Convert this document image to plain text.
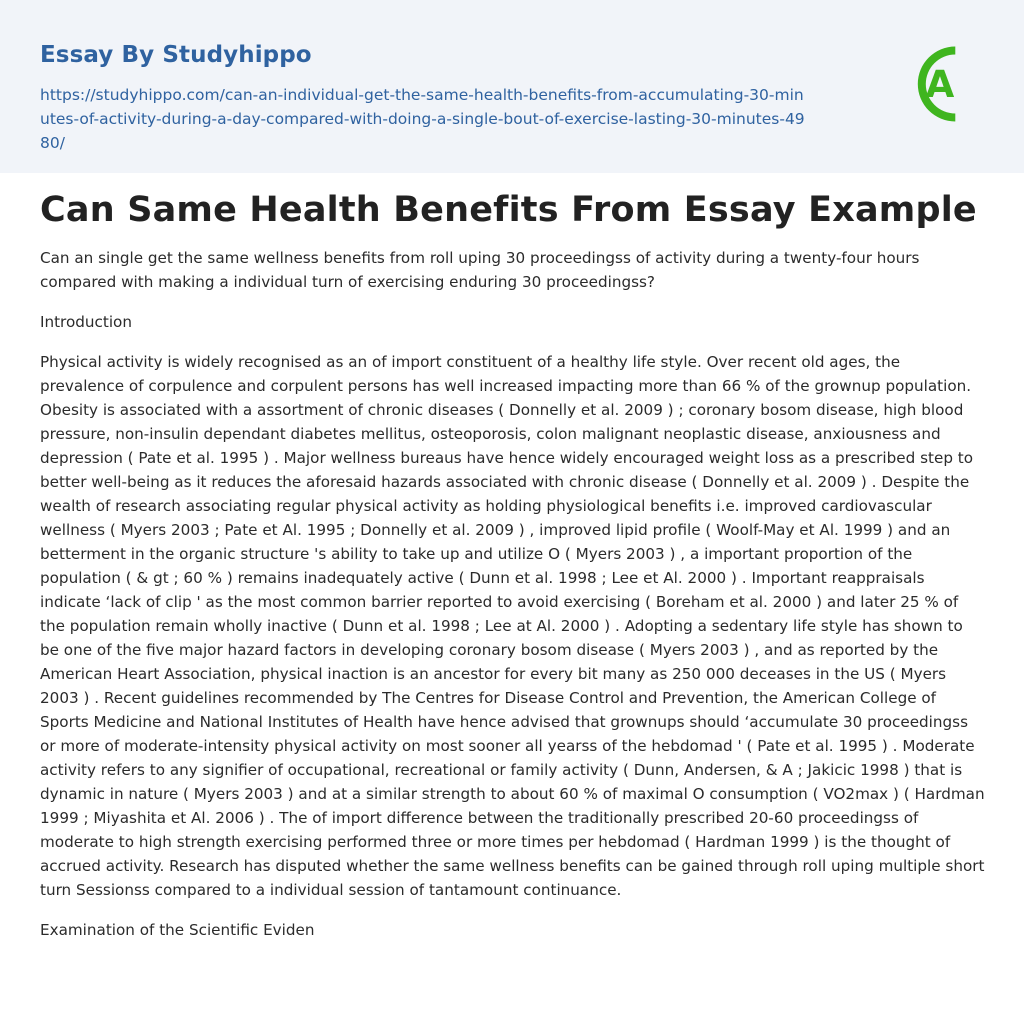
Essay By Studyhippo
https://studyhippo.com/can-an-individual-get-the-same-health-benefits-from-accumulating-30-minutes-of-activity-during-a-day-compared-with-doing-a-single-bout-of-exercise-lasting-30-minutes-4980/
A
Can Same Health Benefits From Essay Example

Can an single get the same wellness benefits from roll uping 30 proceedingss of activity during a twenty-four hours compared with making a individual turn of exercising enduring 30 proceedingss?

Introduction

Physical activity is widely recognised as an of import constituent of a healthy life style. Over recent old ages, the prevalence of corpulence and corpulent persons has well increased impacting more than 66 % of the grownup population. Obesity is associated with a assortment of chronic diseases ( Donnelly et al. 2009 ) ; coronary bosom disease, high blood pressure, non-insulin dependant diabetes mellitus, osteoporosis, colon malignant neoplastic disease, anxiousness and depression ( Pate et al. 1995 ) . Major wellness bureaus have hence widely encouraged weight loss as a prescribed step to better well-being as it reduces the aforesaid hazards associated with chronic disease ( Donnelly et al. 2009 ) . Despite the wealth of research associating regular physical activity as holding physiological benefits i.e. improved cardiovascular wellness ( Myers 2003 ; Pate et Al. 1995 ; Donnelly et al. 2009 ) , improved lipid profile ( Woolf-May et Al. 1999 ) and an betterment in the organic structure 's ability to take up and utilize O ( Myers 2003 ) , a important proportion of the population ( & gt ; 60 % ) remains inadequately active ( Dunn et al. 1998 ; Lee et Al. 2000 ) . Important reappraisals indicate ‘lack of clip ' as the most common barrier reported to avoid exercising ( Boreham et al. 2000 ) and later 25 % of the population remain wholly inactive ( Dunn et al. 1998 ; Lee at Al. 2000 ) . Adopting a sedentary life style has shown to be one of the five major hazard factors in developing coronary bosom disease ( Myers 2003 ) , and as reported by the American Heart Association, physical inaction is an ancestor for every bit many as 250 000 deceases in the US ( Myers 2003 ) . Recent guidelines recommended by The Centres for Disease Control and Prevention, the American College of Sports Medicine and National Institutes of Health have hence advised that grownups should ‘accumulate 30 proceedingss or more of moderate-intensity physical activity on most sooner all yearss of the hebdomad ' ( Pate et al. 1995 ) . Moderate activity refers to any signifier of occupational, recreational or family activity ( Dunn, Andersen, & A ; Jakicic 1998 ) that is dynamic in nature ( Myers 2003 ) and at a similar strength to about 60 % of maximal O consumption ( VO2max ) ( Hardman 1999 ; Miyashita et Al. 2006 ) . The of import difference between the traditionally prescribed 20-60 proceedingss of moderate to high strength exercising performed three or more times per hebdomad ( Hardman 1999 ) is the thought of accrued activity. Research has disputed whether the same wellness benefits can be gained through roll uping multiple short turn Sessionss compared to a individual session of tantamount continuance.

Examination of the Scientific Eviden
